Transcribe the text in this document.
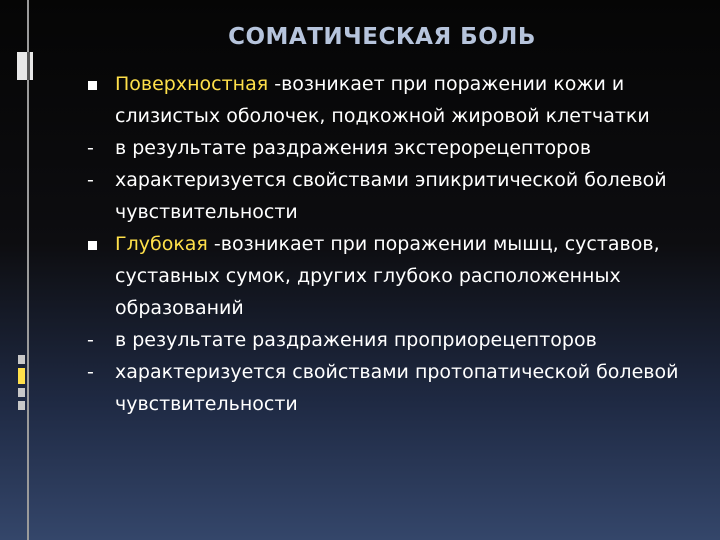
СОМАТИЧЕСКАЯ БОЛЬ
Поверхностная -возникает при поражении кожи и слизистых оболочек, подкожной жировой клетчатки
-	в результате раздражения экстерорецепторов
-	характеризуется свойствами эпикритической болевой чувствительности
Глубокая -возникает при поражении мышц, суставов, суставных сумок, других глубоко расположенных образований
-	в результате раздражения проприорецепторов
-	характеризуется свойствами протопатической болевой чувствительности
